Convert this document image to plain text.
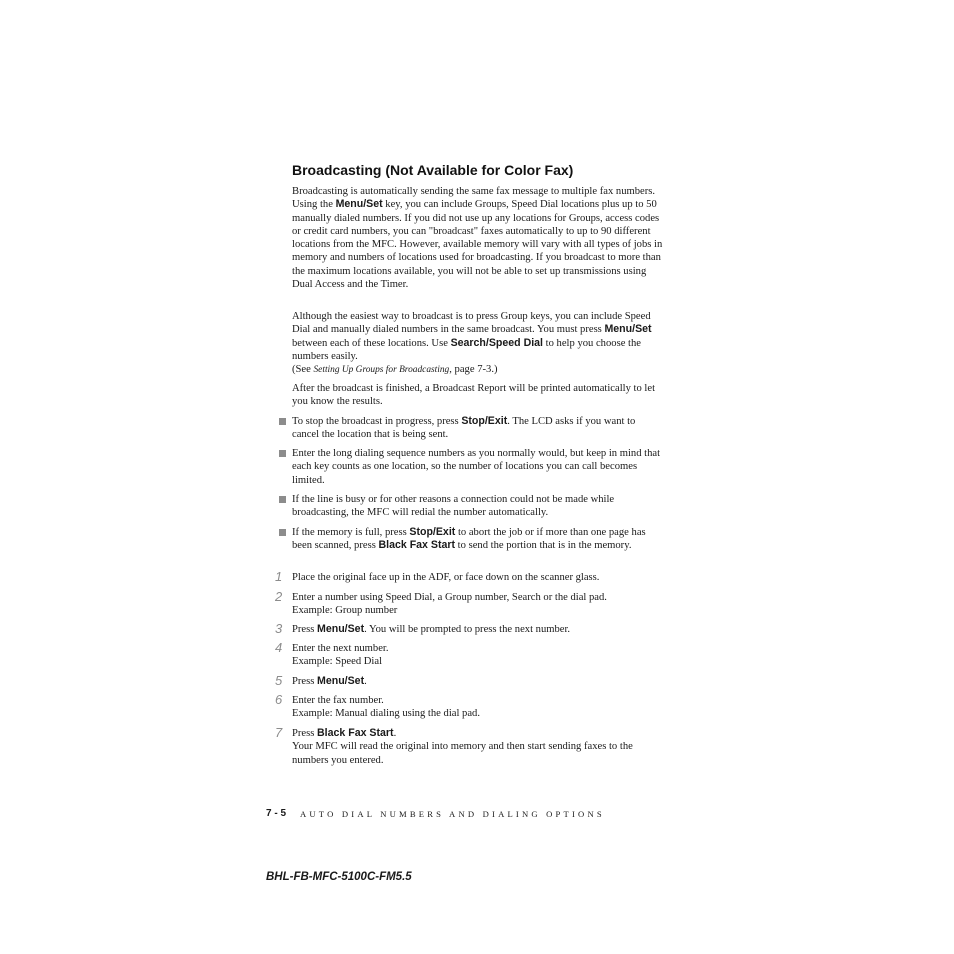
Broadcasting (Not Available for Color Fax)

Broadcasting is automatically sending the same fax message to multiple fax numbers. Using the Menu/Set key, you can include Groups, Speed Dial locations plus up to 50 manually dialed numbers. If you did not use up any locations for Groups, access codes or credit card numbers, you can "broadcast" faxes automatically to up to 90 different locations from the MFC. However, available memory will vary with all types of jobs in memory and numbers of locations used for broadcasting. If you broadcast to more than the maximum locations available, you will not be able to set up transmissions using Dual Access and the Timer.

Although the easiest way to broadcast is to press Group keys, you can include Speed Dial and manually dialed numbers in the same broadcast. You must press Menu/Set between each of these locations. Use Search/Speed Dial to help you choose the numbers easily.
(See Setting Up Groups for Broadcasting, page 7-3.)

After the broadcast is finished, a Broadcast Report will be printed automatically to let you know the results.

To stop the broadcast in progress, press Stop/Exit. The LCD asks if you want to cancel the location that is being sent.

Enter the long dialing sequence numbers as you normally would, but keep in mind that each key counts as one location, so the number of locations you can call becomes limited.

If the line is busy or for other reasons a connection could not be made while broadcasting, the MFC will redial the number automatically.

If the memory is full, press Stop/Exit to abort the job or if more than one page has been scanned, press Black Fax Start to send the portion that is in the memory.

1 Place the original face up in the ADF, or face down on the scanner glass.

2 Enter a number using Speed Dial, a Group number, Search or the dial pad.
Example: Group number

3 Press Menu/Set. You will be prompted to press the next number.

4 Enter the next number.
Example: Speed Dial

5 Press Menu/Set.

6 Enter the fax number.
Example: Manual dialing using the dial pad.

7 Press Black Fax Start.
Your MFC will read the original into memory and then start sending faxes to the numbers you entered.

7 - 5 AUTO DIAL NUMBERS AND DIALING OPTIONS
BHL-FB-MFC-5100C-FM5.5
